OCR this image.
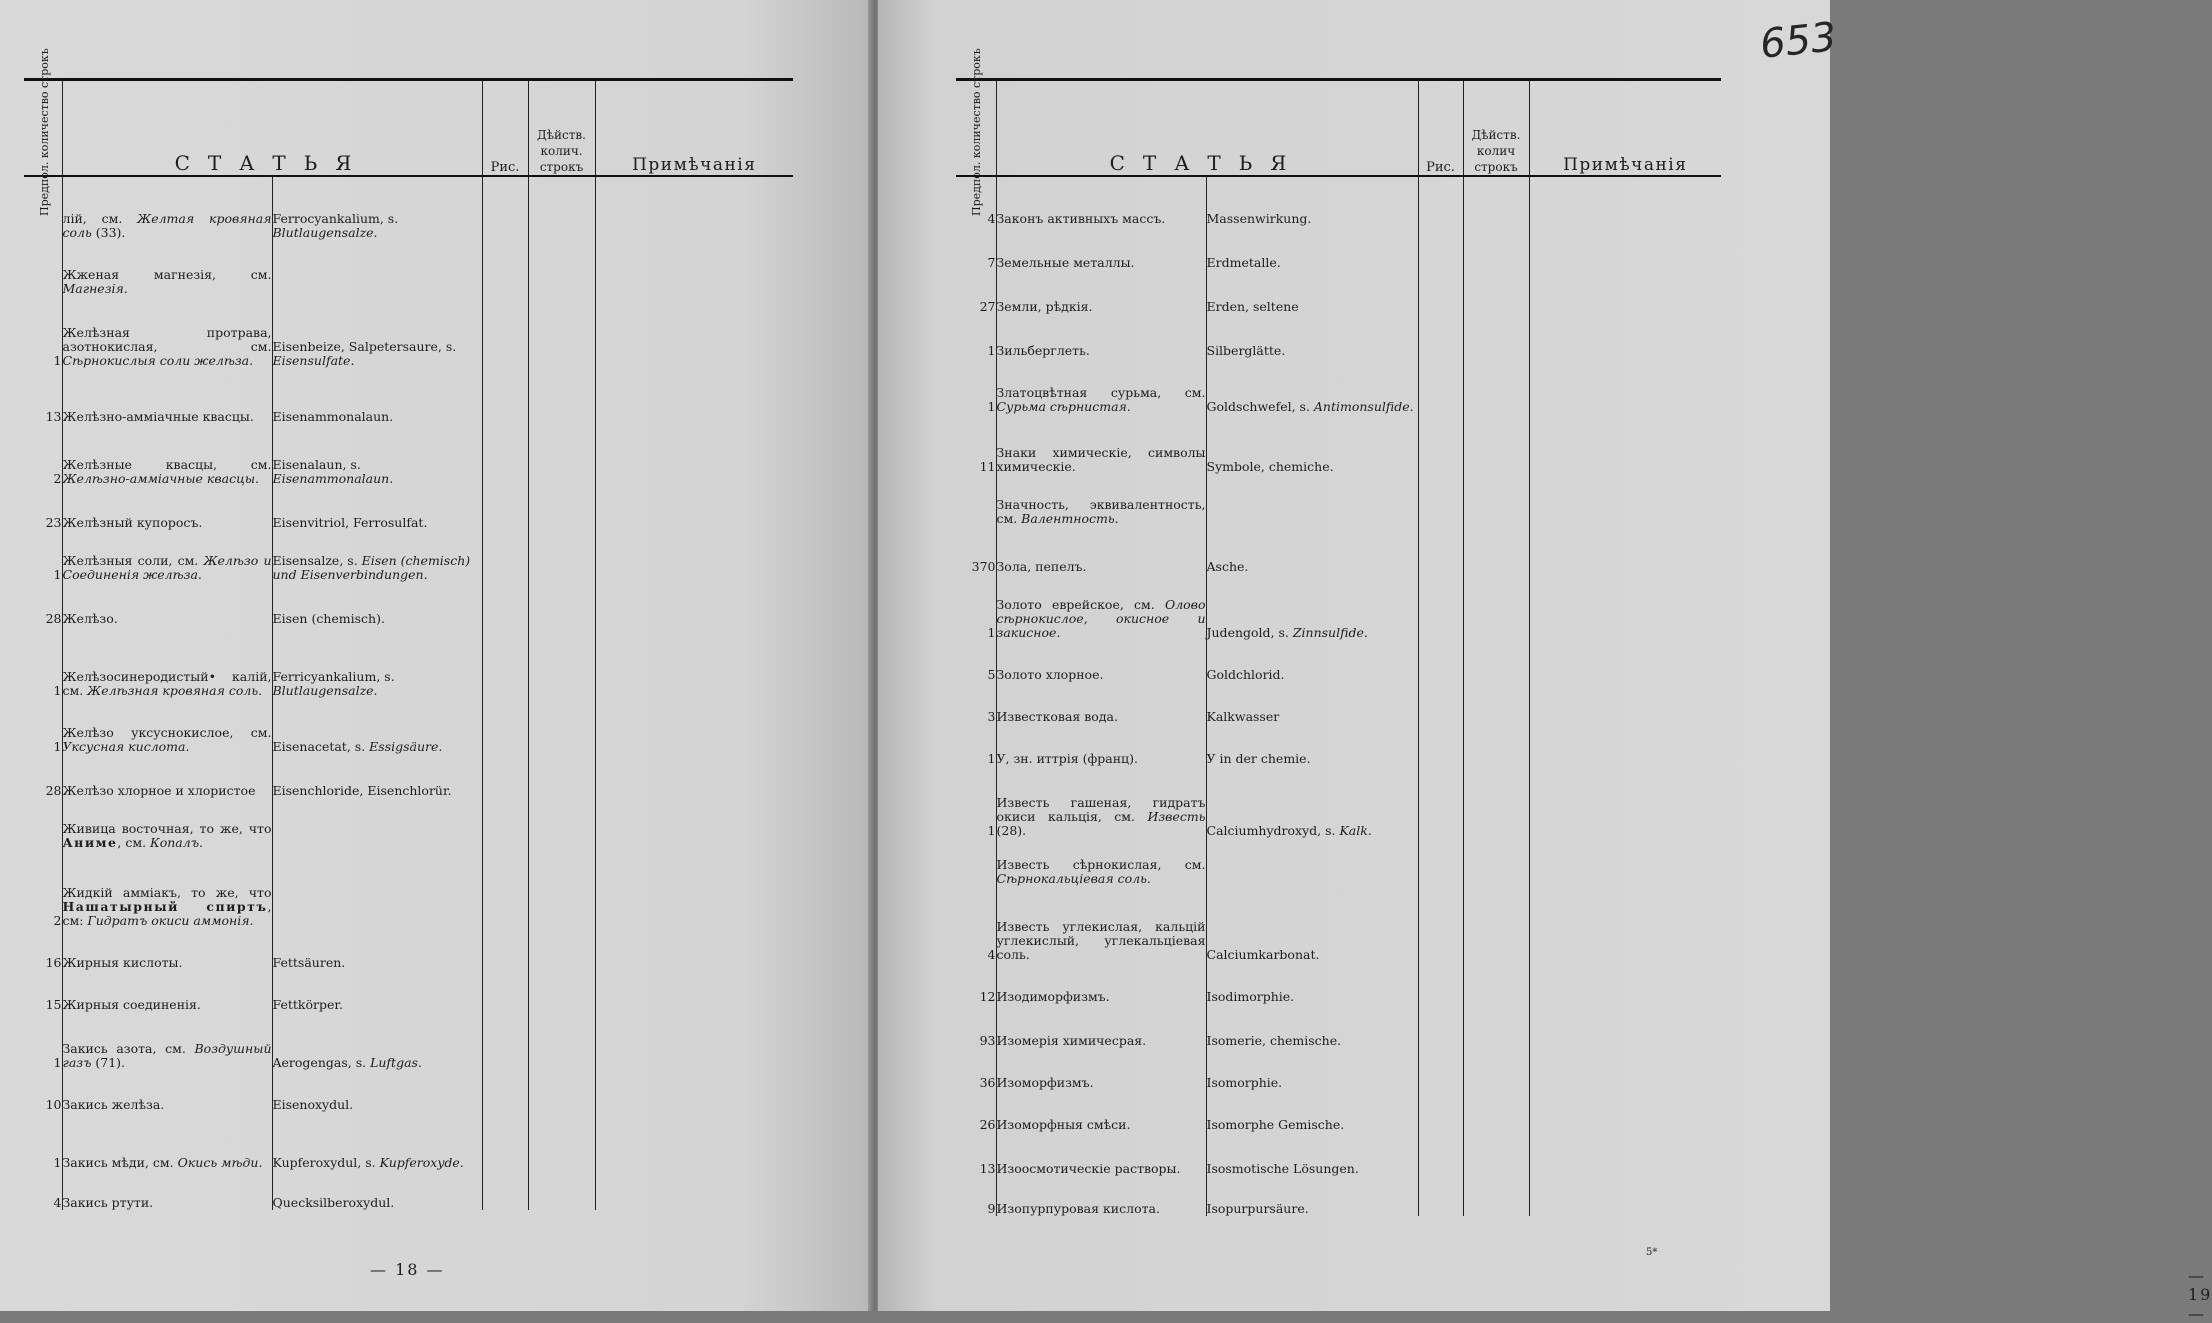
Предпол. количество строкъ	СТАТЬЯ		Рис.	Дѣйств. колич. строкъ	Примѣчанія
	лій, см. Желтая кровяная соль (33).	Ferrocyankalium, s. Blutlaugensalze.			
	Жженая магнезія, см. Магнезія.				
1	Желѣзная протрава, азотнокислая, см. Сѣрнокислыя соли желѣза.	Eisenbeize, Salpetersaure, s. Eisensulfate.			
13	Желѣзно-амміачные квасцы.	Eisenammonalaun.			
2	Желѣзные квасцы, см. Желѣзно-амміачные квасцы.	Eisenalaun, s. Eisenammonalaun.			
23	Желѣзный купоросъ.	Eisenvitriol, Ferrosulfat.			
1	Желѣзныя соли, см. Желѣзо и Соединенія желѣза.	Eisensalze, s. Eisen (chemisch) und Eisenverbindungen.			
28	Желѣзо.	Eisen (chemisch).			
1	Желѣзосинеродистый• калій, см. Желѣзная кровяная соль.	Ferricyankalium, s. Blutlaugensalze.			
1	Желѣзо уксуснокислое, см. Уксусная кислота.	Eisenacetat, s. Essigsäure.			
28	Желѣзо хлорное и хлористое	Eisenchloride, Eisenchlorür.			
	Живица восточная, то же, что Аниме, см. Копалъ.				
2	Жидкій амміакъ, то же, что Нашатырный спиртъ, см: Гидратъ окиси аммонія.				
16	Жирныя кислоты.	Fettsäuren.			
15	Жирныя соединенія.	Fettkörper.			
1	Закись азота, см. Воздушный газъ (71).	Aerogengas, s. Luftgas.			
10	Закись желѣза.	Eisenoxydul.			
1	Закись мѣди, см. Окись мѣди.	Kupferoxydul, s. Kupferoxyde.			
4	Закись ртути.	Quecksilberoxydul.			
— 18 —
Предпол. количество строкъ	СТАТЬЯ		Рис.	Дѣйств. колич строкъ	Примѣчанія
4	Законъ активныхъ массъ.	Massenwirkung.			
7	Земельные металлы.	Erdmetalle.			
27	Земли, рѣдкія.	Erden, seltene			
1	Зильберглеть.	Silberglätte.			
1	Златоцвѣтная сурьма, см. Сурьма сѣрнистая.	Goldschwefel, s. Antimonsulfide.			
11	Знаки химическіе, символы химическіе.	Symbole, chemiche.			
	Значность, эквивалентность, см. Валентность.				
370	Зола, пепелъ.	Asche.			
1	Золото еврейское, см. Олово сѣрнокислое, окисное и закисное.	Judengold, s. Zinnsulfide.			
5	Золото хлорное.	Goldchlorid.			
3	Известковая вода.	Kalkwasser			
1	У, зн. иттрія (франц).	У in der chemie.			
1	Известь гашеная, гидратъ окиси кальція, см. Известь (28).	Calciumhydroxyd, s. Kalk.			
	Известь сѣрнокислая, см. Сѣрнокальціевая соль.				
4	Известь углекислая, кальцій углекислый, углекальціевая соль.	Calciumkarbonat.			
12	Изодиморфизмъ.	Isodimorphie.			
93	Изомерія химичесрая.	Isomerie, chemische.			
36	Изоморфизмъ.	Isomorphie.			
26	Изоморфныя смѣси.	Isomorphe Gemische.			
13	Изоосмотическіе растворы.	Isosmotische Lösungen.			
9	Изопурпуровая кислота.	Isopurpursäure.			
— 19 —
5*
653
